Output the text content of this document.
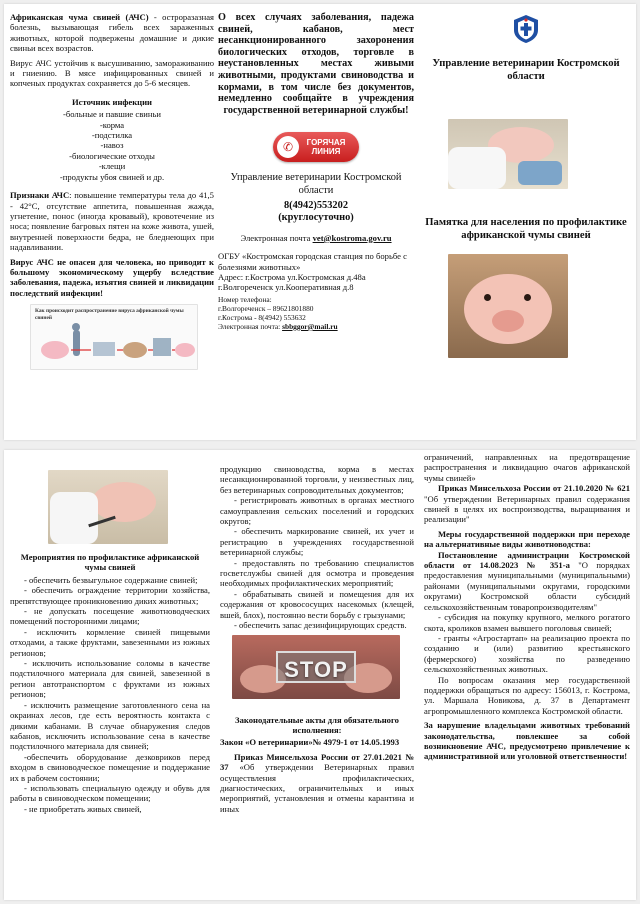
Африканская чума свиней (АЧС) - остроразазная болезнь, вызывающая гибель всех зараженных животных, которой подвержены домашние и дикие свиньи всех возрастов.

Вирус АЧС устойчив к высушиванию, замораживанию и гниению. В мясе инфицированных свиней и копченых продуктах сохраняется до 5-6 месяцев.

Источник инфекции

-больные и павшие свиньи
-корма
-подстилка
-навоз
-биологические отходы
-клещи
-продукты убоя свиней и др.

Признаки АЧС: повышение температуры тела до 41,5 - 42°С, отсутствие аппетита, повышенная жажда, угнетение, понос (иногда кровавый), кровотечение из носа; появление багровых пятен на коже живота, ушей, внутренней поверхности бедра, не бледнеющих при надавливании.

Вирус АЧС не опасен для человека, но приводит к большому экономическому ущербу вследствие заболевания, падежа, изъятия свиней и ликвидации последствий инфекции!

Как происходит распространение вируса африканской чумы свиней

О всех случаях заболевания, падежа свиней, кабанов, мест несанкционированного захоронения биологических отходов, торговле в неустановленных местах живыми животными, продуктами свиноводства и кормами, в том числе без документов, немедленно сообщайте в учреждения государственной ветеринарной службы!

✆	ГОРЯЧАЯ ЛИНИЯ

Управление ветеринарии Костромской области

8(4942)553202

(круглосуточно)

Электронная почта vet@kostroma.gov.ru

ОГБУ «Костромская городская станция по борьбе с болезнями животных»

Адрес: г.Кострома ул.Костромская д.48а

г.Волгореченск ул.Кооперативная д.8

Номер телефона:

г.Волгореченск – 89621801880

г.Кострома - 8(4942) 553632

Электронная почта: sbbggor@mail.ru

Управление ветеринарии Костромской области

Памятка для населения по профилактике африканской чумы свиней

Мероприятия по профилактике африканской чумы свиней

- обеспечить безвыгульное содержание свиней;

- обеспечить ограждение территории хозяйства, препятствующее проникновению диких животных;

- не допускать посещение животноводческих помещений посторонними лицами;

- исключить кормление свиней пищевыми отходами, а также фруктами, завезенными из южных регионов;

- исключить использование соломы в качестве подстилочного материала для свиней, завезенной в регион автотранспортом с фруктами из южных регионов;

- исключить размещение заготовленного сена на окраинах лесов, где есть вероятность контакта с дикими кабанами. В случае обнаружения следов кабанов, исключить использование сена в качестве подстилочного материала для свиней;

-обеспечить оборудование дезковриков перед входом в свиноводческое помещение и поддержание их в рабочем состоянии;

- использовать специальную одежду и обувь для работы в свиноводческом помещении;

- не приобретать живых свиней,

продукцию свиноводства, корма в местах несанкционированной торговли, у неизвестных лиц, без ветеринарных сопроводительных документов;

- регистрировать животных в органах местного самоуправления сельских поселений и городских округов;

- обеспечить маркирование свиней, их учет и регистрацию в учреждениях государственной ветеринарной службы;

- предоставлять по требованию специалистов госветслужбы свиней для осмотра и проведения необходимых профилактических мероприятий;

- обрабатывать свиней и помещения для их содержания от кровососущих насекомых (клещей, вшей, блох), постоянно вести борьбу с грызунами;

- обеспечить запас дезинфицирующих средств.

STOP

Законодательные акты для обязательного исполнения:

Закон «О ветеринарии»№ 4979-1 от 14.05.1993

Приказ Минсельхоза России от 27.01.2021 № 37 «Об утверждении Ветеринарных правил осуществления профилактических, диагностических, ограничительных и иных мероприятий, установления и отмены карантина и иных

ограничений, направленных на предотвращение распространения и ликвидацию очагов африканской чумы свиней»

Приказ Минсельхоза России от 21.10.2020 № 621 "Об утверждении Ветеринарных правил содержания свиней в целях их воспроизводства, выращивания и реализации"

Меры государственной поддержки при переходе на альтернативные виды животноводства:

Постановление администрации Костромской области от 14.08.2023 № 351-а "О порядках предоставления муниципальными (муниципальными) районами (муниципальными округами, городскими округами) Костромской области субсидий сельскохозяйственным товаропроизводителям"

- субсидия на покупку крупного, мелкого рогатого скота, кроликов взамен вывшего поголовья свиней;

- гранты «Агростартап» на реализацию проекта по созданию и (или) развитию крестьянского (фермерского) хозяйства по разведению сельскохозяйственных животных.

По вопросам оказания мер государственной поддержки обращаться по адресу: 156013, г. Кострома, ул. Маршала Новикова, д. 37 в Департамент агропромышленного комплекса Костромской области.

За нарушение владельцами животных требований законодательства, повлекшее за собой возникновение АЧС, предусмотрено привлечение к административной или уголовной ответственности!
